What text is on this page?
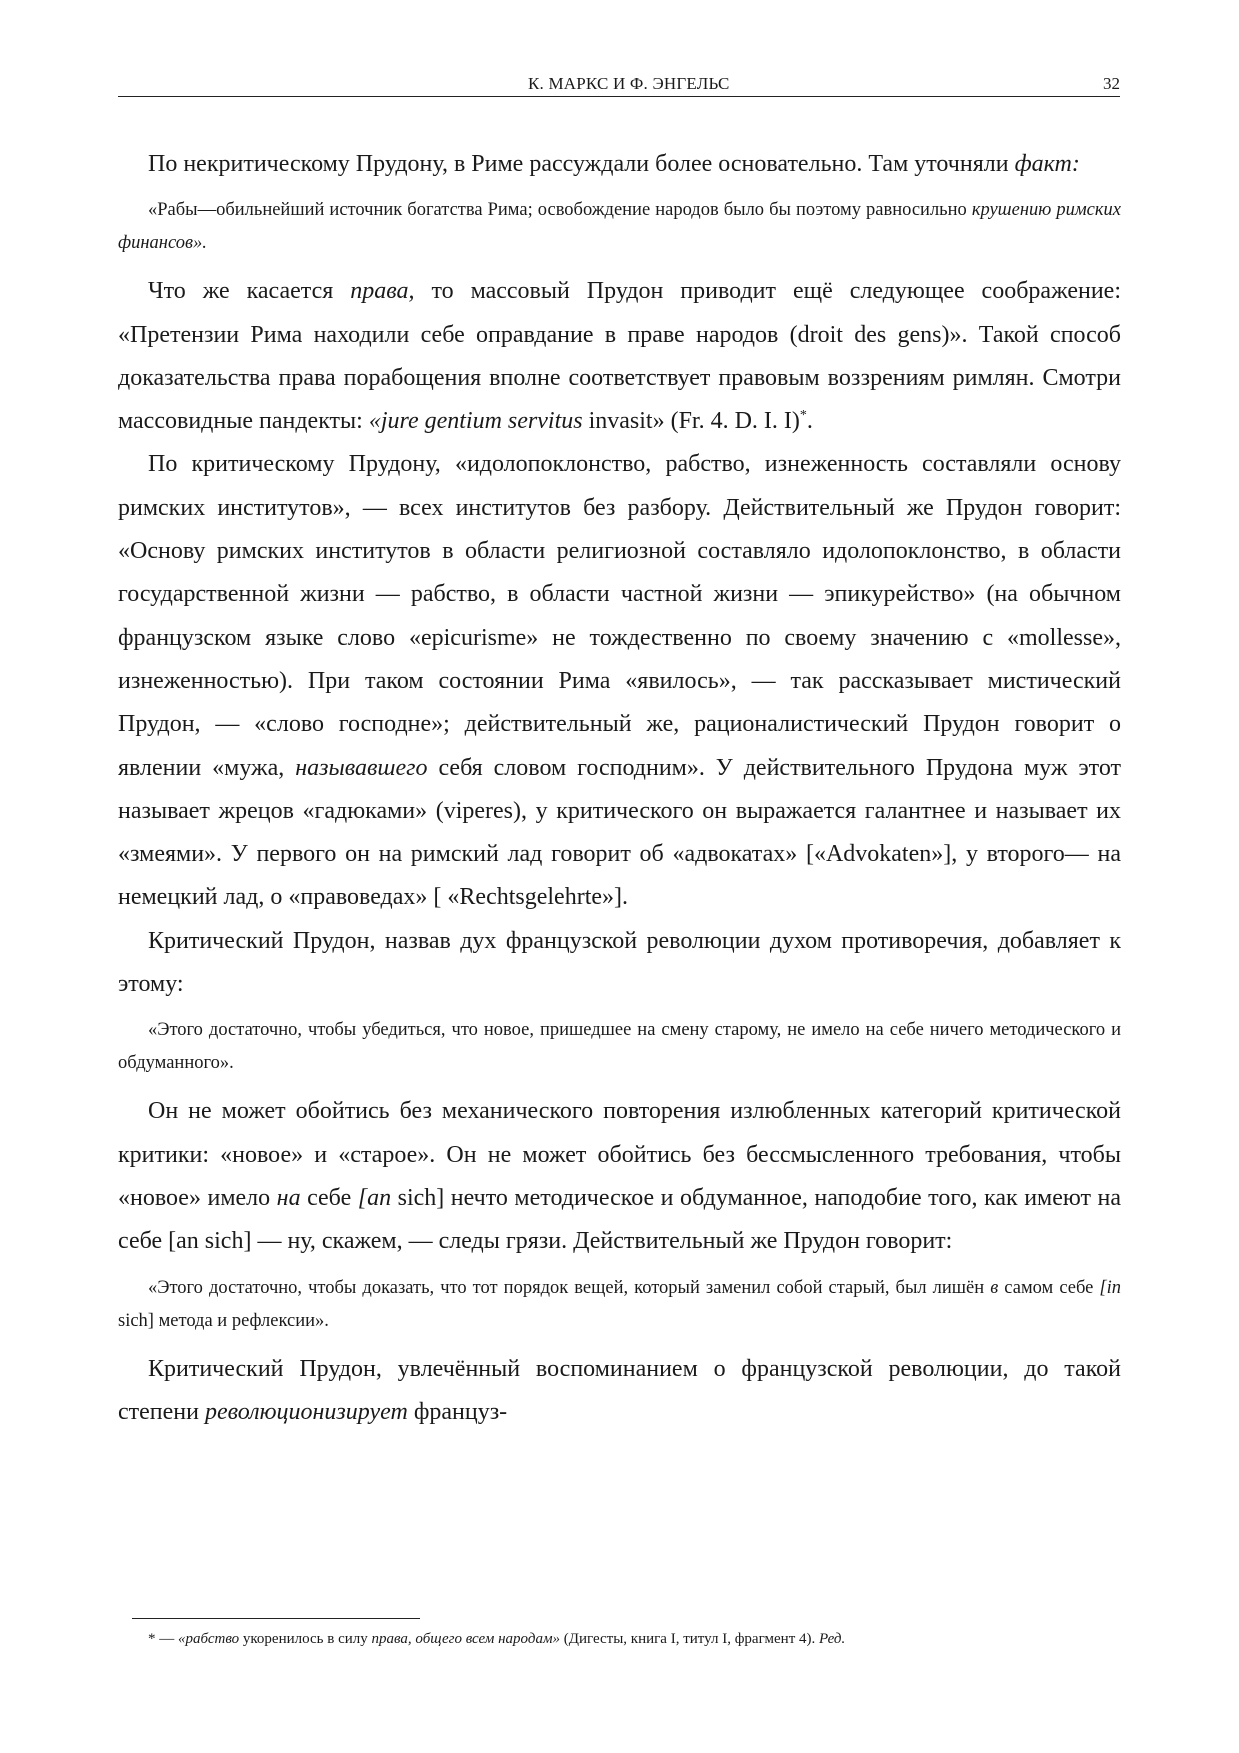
К. МАРКС И Ф. ЭНГЕЛЬС	32

По некритическому Прудону, в Риме рассуждали более основательно. Там уточняли факт:

«Рабы—обильнейший источник богатства Рима; освобождение народов было бы поэтому равносильно крушению римских финансов».

Что же касается права, то массовый Прудон приводит ещё следующее соображение: «Претензии Рима находили себе оправдание в праве народов (droit des gens)». Такой способ доказательства права порабощения вполне соответствует правовым воззрениям римлян. Смотри массовидные пандекты: «jure gentium servitus invasit» (Fr. 4. D. I. I)*.

По критическому Прудону, «идолопоклонство, рабство, изнеженность составляли основу римских институтов», — всех институтов без разбору. Действительный же Прудон говорит: «Основу римских институтов в области религиозной составляло идолопоклонство, в области государственной жизни — рабство, в области частной жизни — эпикурейство» (на обычном французском языке слово «epicurisme» не тождественно по своему значению с «mollesse», изнеженностью). При таком состоянии Рима «явилось», — так рассказывает мистический Прудон, — «слово господне»; действительный же, рационалистический Прудон говорит о явлении «мужа, называвшего себя словом господним». У действительного Прудона муж этот называет жрецов «гадюками» (viperes), у критического он выражается галантнее и называет их «змеями». У первого он на римский лад говорит об «адвокатах» [«Advokaten»], у второго— на немецкий лад, о «правоведах» [ «Rechtsgelehrte»].

Критический Прудон, назвав дух французской революции духом противоречия, добавляет к этому:

«Этого достаточно, чтобы убедиться, что новое, пришедшее на смену старому, не имело на себе ничего методического и обдуманного».

Он не может обойтись без механического повторения излюбленных категорий критической критики: «новое» и «старое». Он не может обойтись без бессмысленного требования, чтобы «новое» имело на себе [an sich] нечто методическое и обдуманное, наподобие того, как имеют на себе [an sich] — ну, скажем, — следы грязи. Действительный же Прудон говорит:

«Этого достаточно, чтобы доказать, что тот порядок вещей, который заменил собой старый, был лишён в самом себе [in sich] метода и рефлексии».

Критический Прудон, увлечённый воспоминанием о французской революции, до такой степени революционизирует француз-

* — «рабство укоренилось в силу права, общего всем народам» (Дигесты, книга I, титул I, фрагмент 4). Ред.
